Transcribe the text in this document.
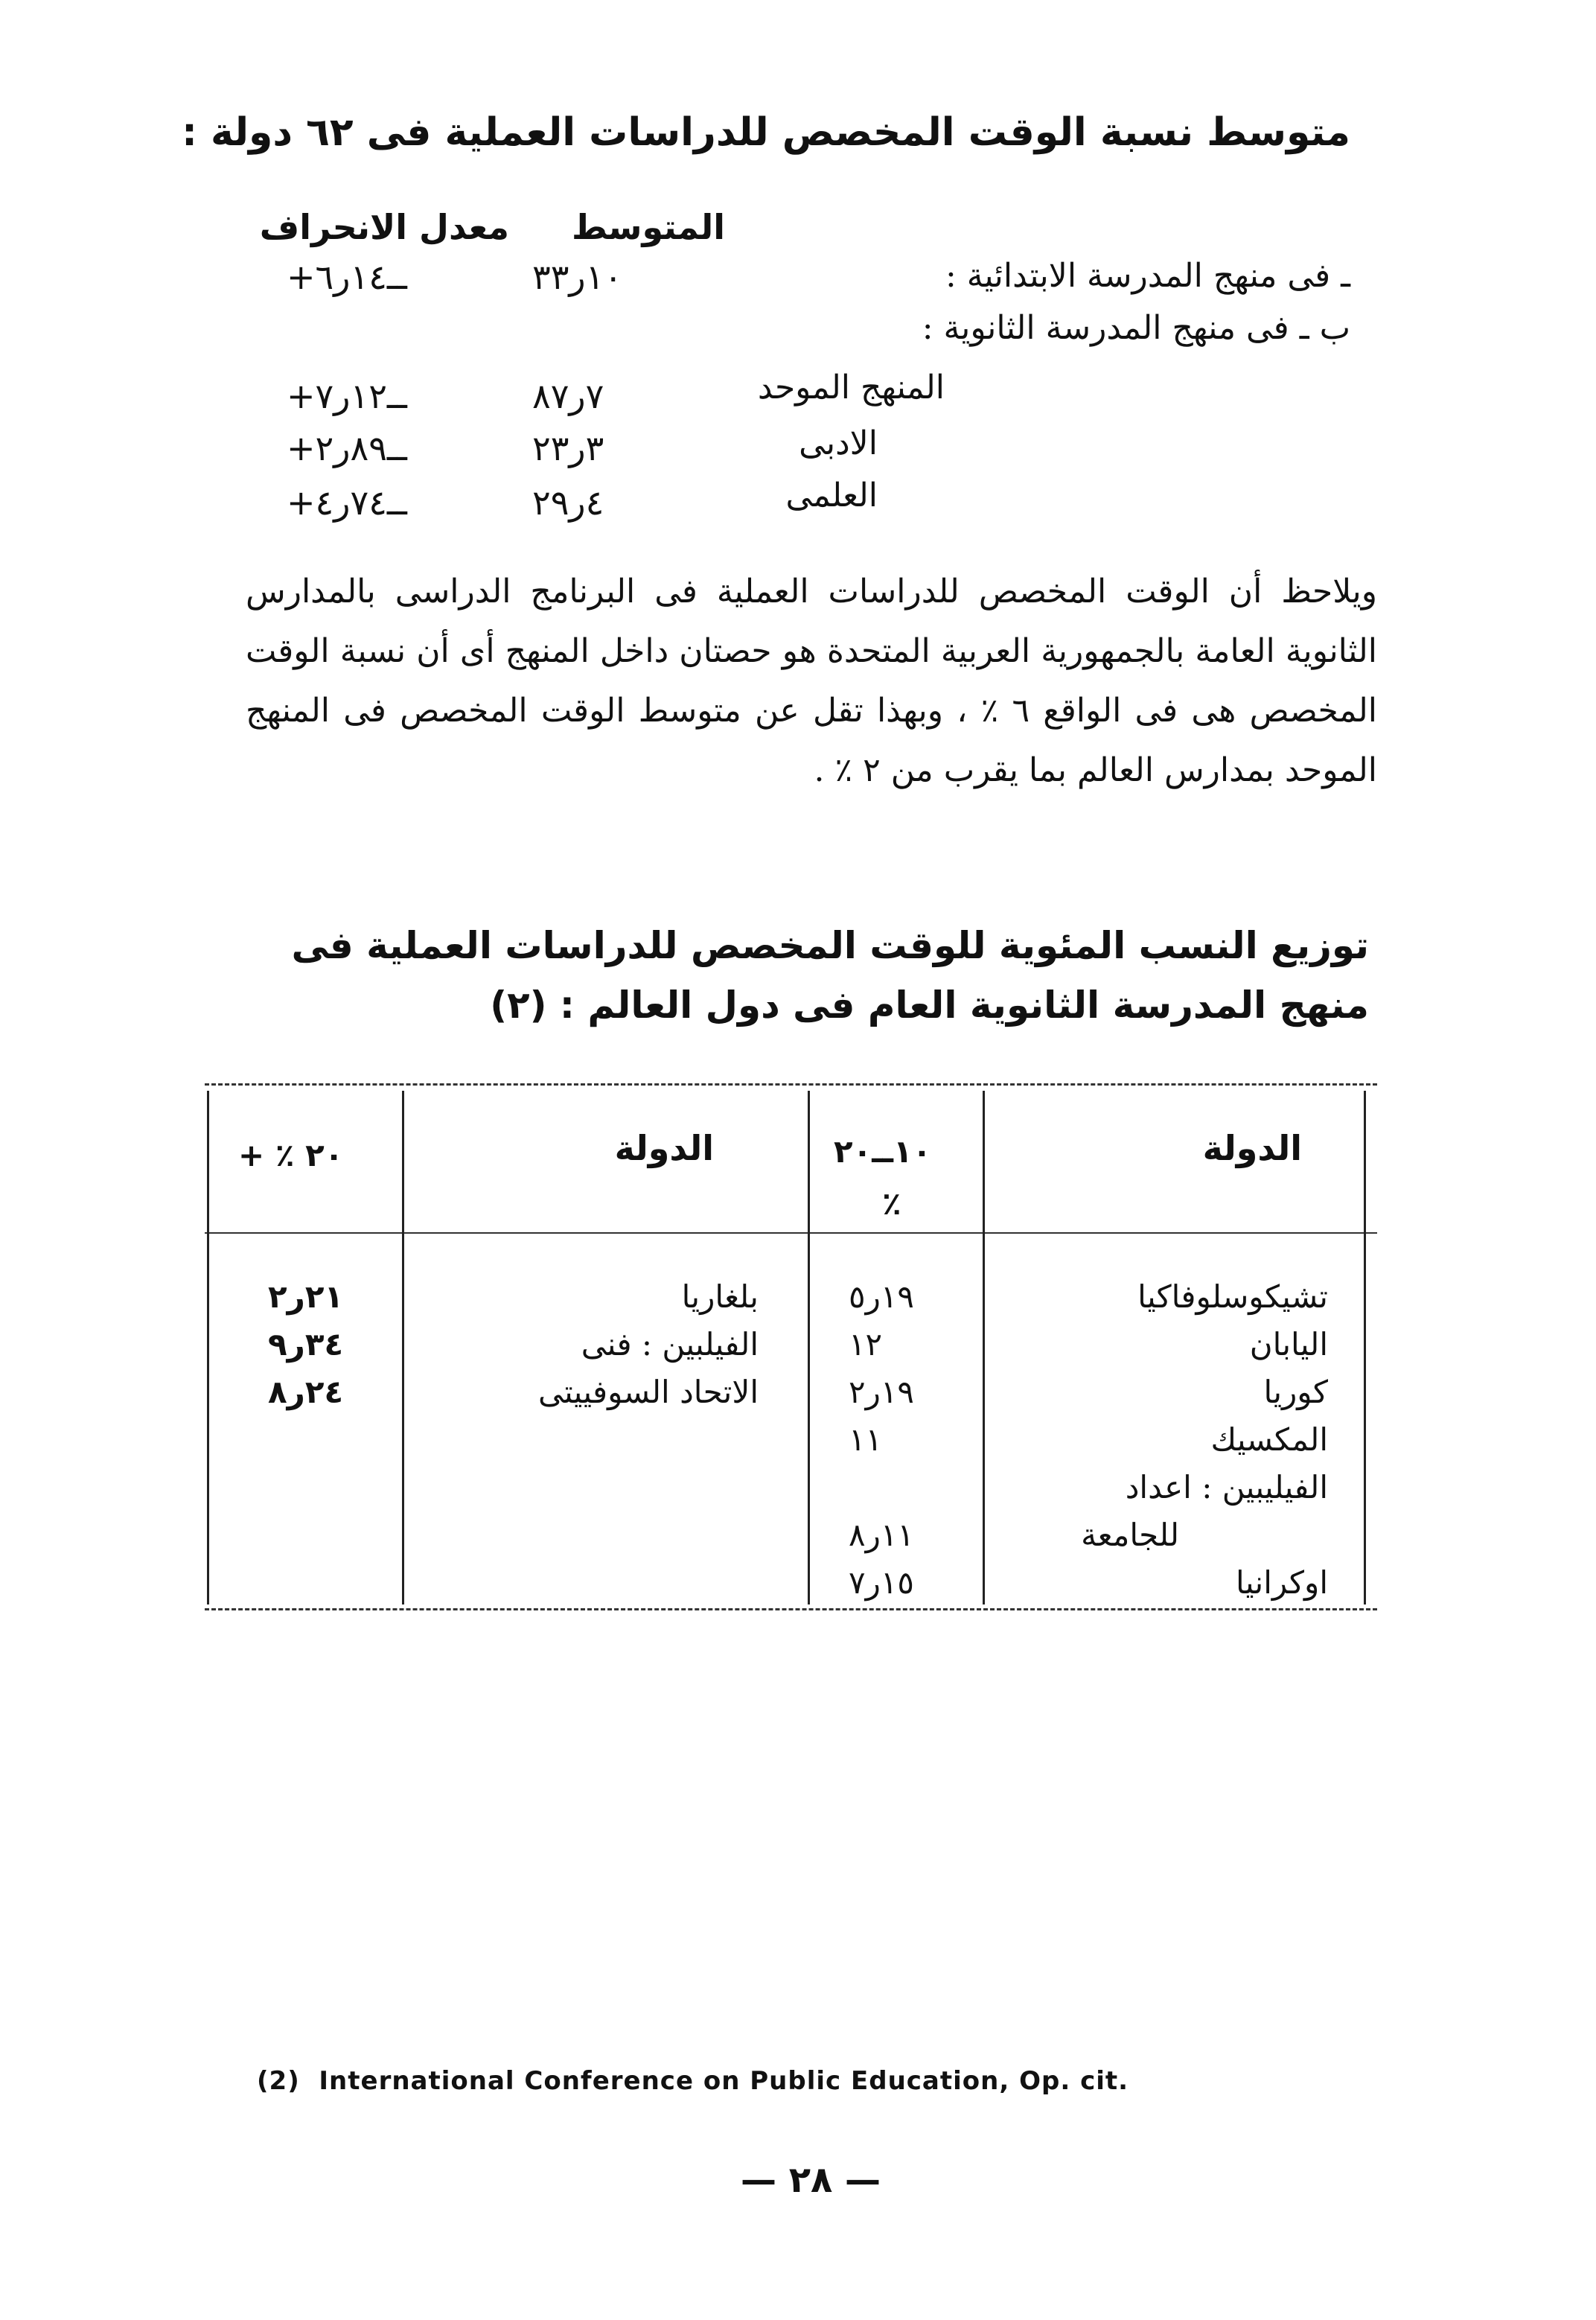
متوسط نسبة الوقت المخصص للدراسات العملية فى ٦٢ دولة :
المتوسط
معدل الانحراف
ـ فى منهج المدرسة الابتدائية :
١٠ر٣٣
+ــ١٤ر٦
ب ـ فى منهج المدرسة الثانوية :
المنهج الموحد
٧ر٨٧
+ــ١٢ر٧
الادبى
٣ر٢٣
+ــ٨٩ر٢
العلمى
٤ر٢٩
+ــ٧٤ر٤
ويلاحظ أن الوقت المخصص للدراسات العملية فى البرنامج الدراسى بالمدارس الثانوية العامة بالجمهورية العربية المتحدة هو حصتان داخل المنهج أى أن نسبة الوقت المخصص هى فى الواقع ٦ ٪ ، وبهذا تقل عن متوسط الوقت المخصص فى المنهج الموحد بمدارس العالم بما يقرب من ٢ ٪ .
توزيع النسب المئوية للوقت المخصص للدراسات العملية فى منهج المدرسة الثانوية العام فى دول العالم : (٢)
الدولة
١٠ــ٢٠
٪
الدولة
٢٠ ٪ +
تشيكوسلوفاكيا
اليابان
كوريا
المكسيك
الفيليبين : اعداد
للجامعة
اوكرانيا
١٩ر٥
١٢
١٩ر٢
١١
١١ر٨
١٥ر٧
بلغاريا
الفيلبين : فنى
الاتحاد السوفييتى
٢١ر٢
٣٤ر٩
٢٤ر٨
(2)  International Conference on Public Education, Op. cit.
— ٢٨ —
